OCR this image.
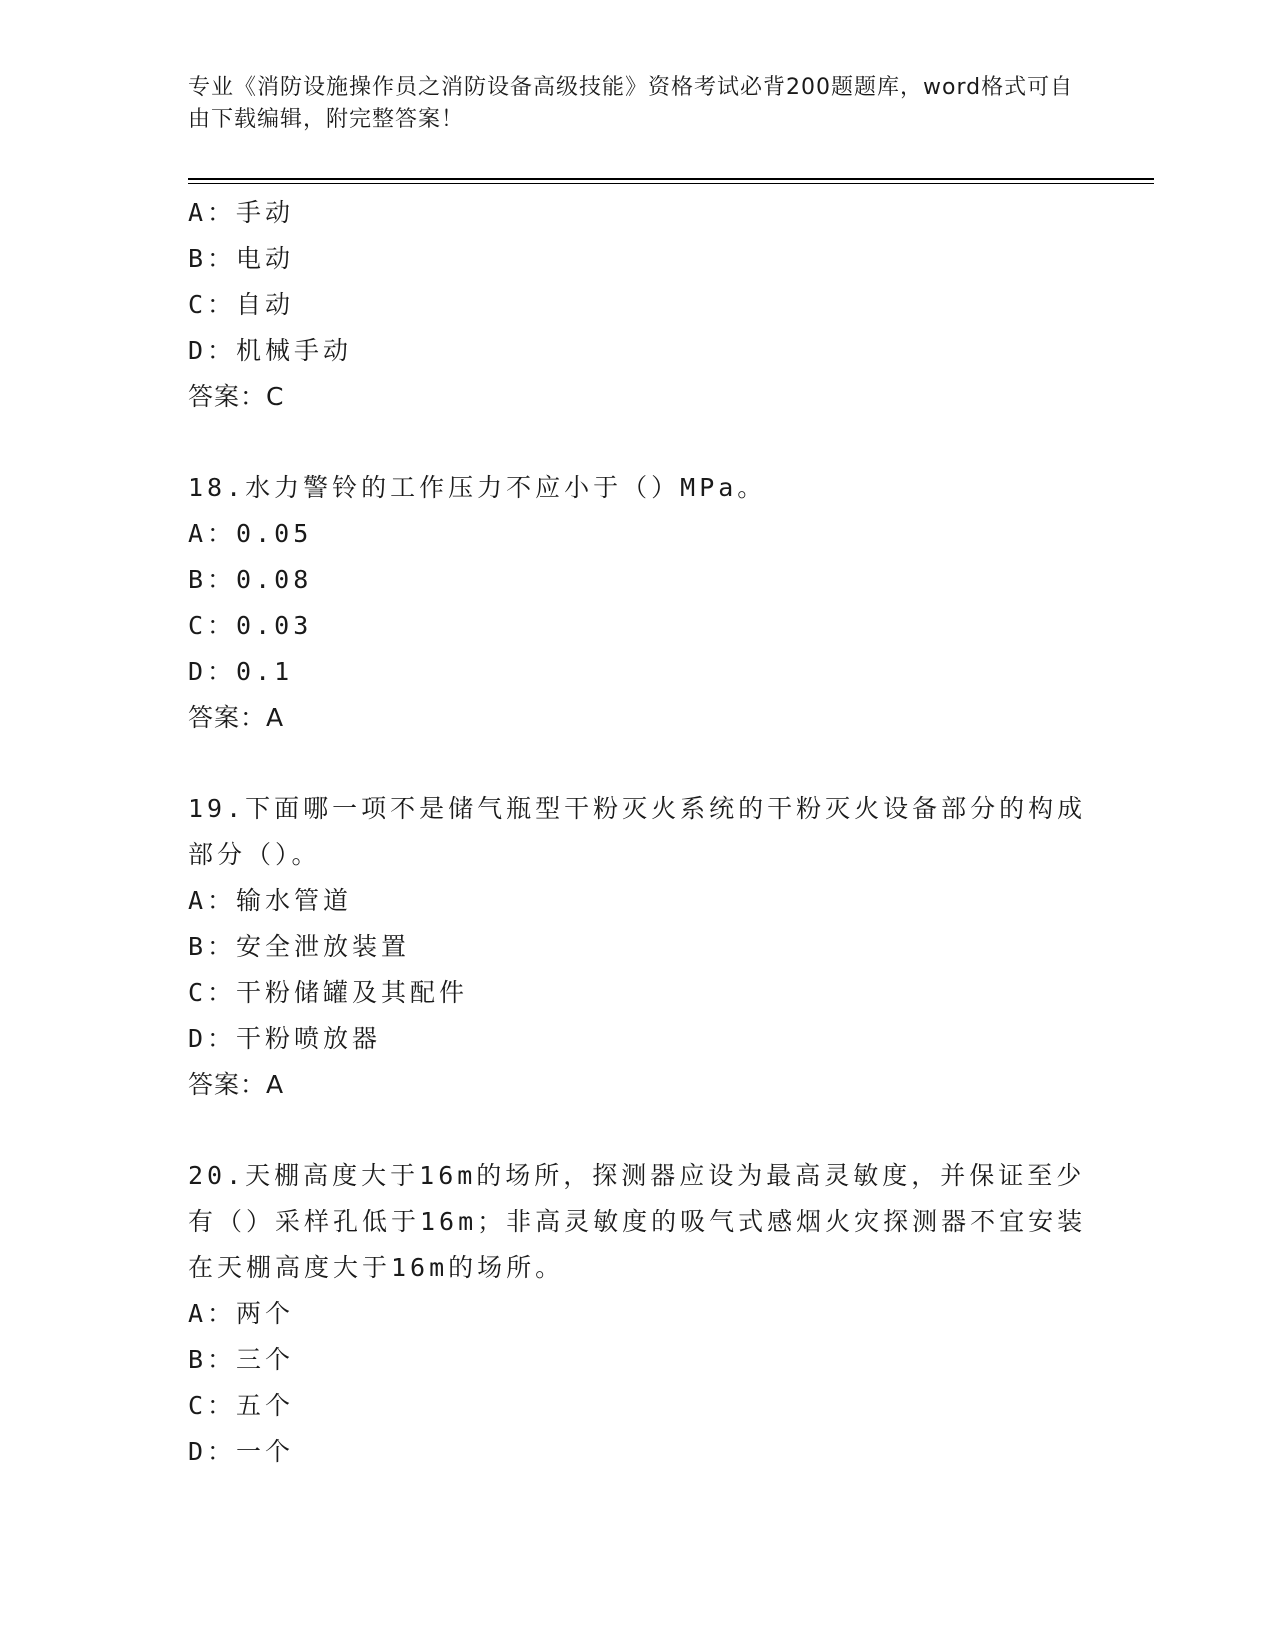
专业《消防设施操作员之消防设备高级技能》资格考试必背200题题库，word格式可自由下载编辑，附完整答案！
A：手动
B：电动
C：自动
D：机械手动
答案：C
18.水力警铃的工作压力不应小于（）MPa。
A：0.05
B：0.08
C：0.03
D：0.1
答案：A
19.下面哪一项不是储气瓶型干粉灭火系统的干粉灭火设备部分的构成部分（）。
A：输水管道
B：安全泄放装置
C：干粉储罐及其配件
D：干粉喷放器
答案：A
20.天棚高度大于16m的场所，探测器应设为最高灵敏度，并保证至少有（）采样孔低于16m；非高灵敏度的吸气式感烟火灾探测器不宜安装在天棚高度大于16m的场所。
A：两个
B：三个
C：五个
D：一个
